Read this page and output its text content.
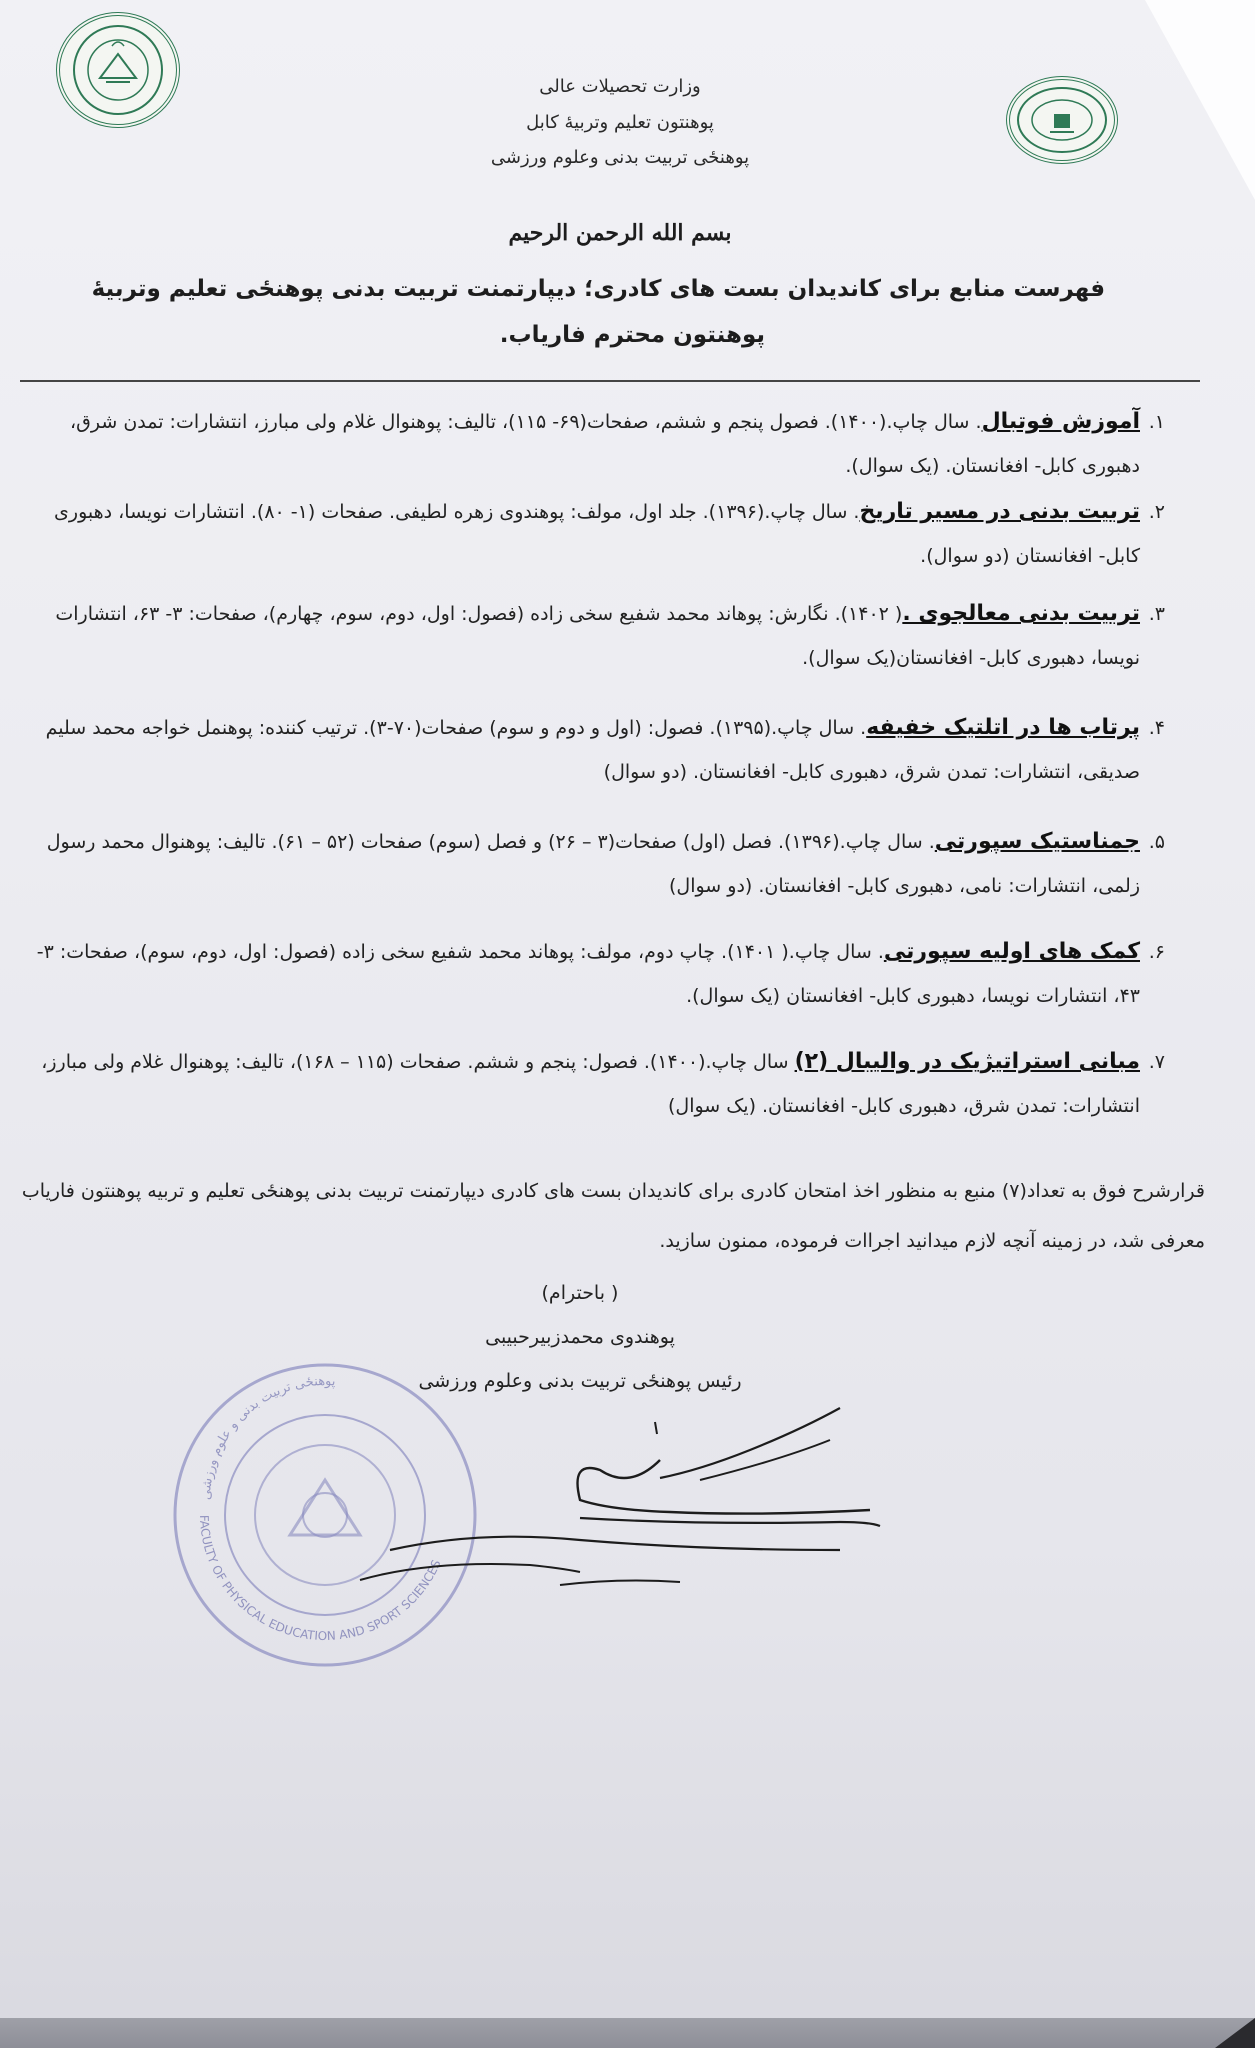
وزارت تحصیلات عالی
پوهنتون تعلیم وتربیهٔ کابل
پوهنځی تربیت بدنی وعلوم ورزشی
بسم الله الرحمن الرحیم
فهرست منابع برای کاندیدان بست های کادری؛ دیپارتمنت تربیت بدنی پوهنځی تعلیم وتربیهٔ
پوهنتون محترم فاریاب.
۱.
آموزش فوتبال. سال چاپ.(۱۴۰۰). فصول پنجم و ششم، صفحات(۶۹- ۱۱۵)، تالیف: پوهنوال غلام ولی مبارز، انتشارات: تمدن شرق، دهبوری کابل- افغانستان. (یک سوال).
۲.
تربیت بدنی در مسیر تاریخ. سال چاپ.(۱۳۹۶). جلد اول، مولف: پوهندوی زهره لطیفی. صفحات (۱- ۸۰). انتشارات نویسا، دهبوری کابل- افغانستان (دو سوال).
۳.
تربیت بدنی معالجوی .( ۱۴۰۲). نگارش: پوهاند محمد شفیع سخی زاده (فصول: اول، دوم، سوم، چهارم)، صفحات: ۳- ۶۳، انتشارات نویسا، دهبوری کابل- افغانستان(یک سوال).
۴.
پرتاب ها در اتلتیک خفیفه. سال چاپ.(۱۳۹۵). فصول: (اول و دوم و سوم) صفحات(۷۰-۳). ترتیب کننده: پوهنمل خواجه محمد سلیم صدیقی، انتشارات: تمدن شرق، دهبوری کابل- افغانستان. (دو سوال)
۵.
جمناستیک سپورتی. سال چاپ.(۱۳۹۶). فصل (اول) صفحات(۳ – ۲۶) و فصل (سوم) صفحات (۵۲ – ۶۱). تالیف: پوهنوال محمد رسول زلمی، انتشارات: نامی، دهبوری کابل- افغانستان. (دو سوال)
۶.
کمک های اولیه سپورتی. سال چاپ.( ۱۴۰۱). چاپ دوم، مولف: پوهاند محمد شفیع سخی زاده (فصول: اول، دوم، سوم)، صفحات: ۳- ۴۳، انتشارات نویسا، دهبوری کابل- افغانستان (یک سوال).
۷.
مبانی استراتیژیک در والیبال (۲) سال چاپ.(۱۴۰۰). فصول: پنجم و ششم. صفحات (۱۱۵ – ۱۶۸)، تالیف: پوهنوال غلام ولی مبارز، انتشارات: تمدن شرق، دهبوری کابل- افغانستان. (یک سوال)
قرارشرح فوق به تعداد(۷) منبع به منظور اخذ امتحان کادری برای کاندیدان بست های کادری دیپارتمنت تربیت بدنی پوهنځی تعلیم و تربیه پوهنتون فاریاب معرفی شد، در زمینه آنچه لازم میدانید اجراات فرموده، ممنون سازید.
( باحترام)
پوهندوی محمدزبیرحبیبی
رئیس پوهنځی تربیت بدنی وعلوم ورزشی
FACULTY OF PHYSICAL EDUCATION AND SPORT SCIENCES
پوهنځی تربیت بدنی و علوم ورزشی
